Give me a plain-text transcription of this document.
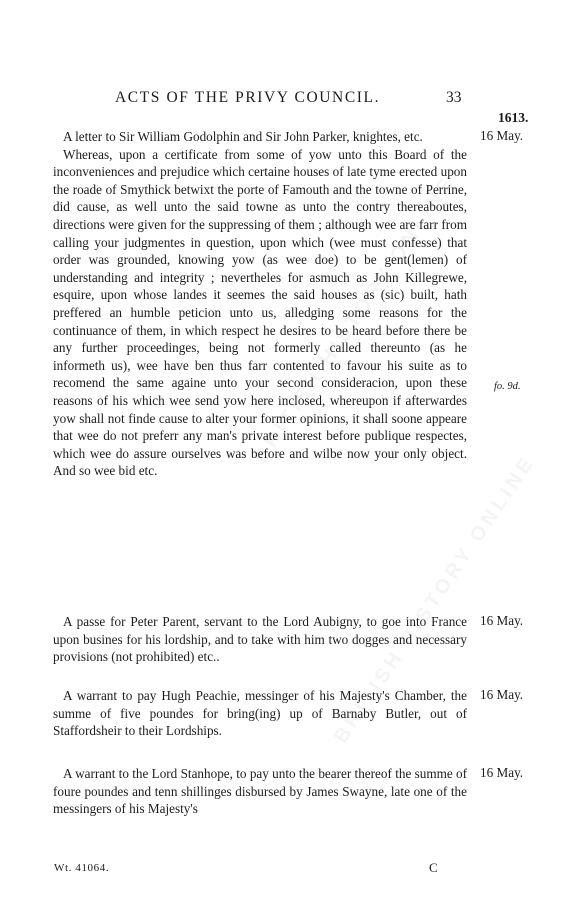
ACTS OF THE PRIVY COUNCIL.	33
1613.

A letter to Sir William Godolphin and Sir John Parker, knightes, etc.

Whereas, upon a certificate from some of yow unto this Board of the inconveniences and prejudice which certaine houses of late tyme erected upon the roade of Smythick betwixt the porte of Famouth and the towne of Perrine, did cause, as well unto the said towne as unto the contry thereaboutes, directions were given for the suppressing of them ; although wee are farr from calling your judgmentes in question, upon which (wee must confesse) that order was grounded, knowing yow (as wee doe) to be gent(lemen) of understanding and integrity ; nevertheles for asmuch as John Killegrewe, esquire, upon whose landes it seemes the said houses as (sic) built, hath preffered an humble peticion unto us, alledging some reasons for the continuance of them, in which respect he desires to be heard before there be any further proceedinges, being not formerly called thereunto (as he informeth us), wee have ben thus farr contented to favour his suite as to recomend the same againe unto your second consideracion, upon these reasons of his which wee send yow here inclosed, whereupon if afterwardes yow shall not finde cause to alter your former opinions, it shall soone appeare that wee do not preferr any man's private interest before publique respectes, which wee do assure ourselves was before and wilbe now your only object. And so wee bid etc.

16 May.
fo. 9d.

A passe for Peter Parent, servant to the Lord Aubigny, to goe into France upon busines for his lordship, and to take with him two dogges and necessary provisions (not prohibited) etc..

16 May.

A warrant to pay Hugh Peachie, messinger of his Majesty's Chamber, the summe of five poundes for bring(ing) up of Barnaby Butler, out of Staffordsheir to their Lordships.

16 May.

A warrant to the Lord Stanhope, to pay unto the bearer thereof the summe of foure poundes and tenn shillinges disbursed by James Swayne, late one of the messingers of his Majesty's

16 May.
Wt. 41064.	C
